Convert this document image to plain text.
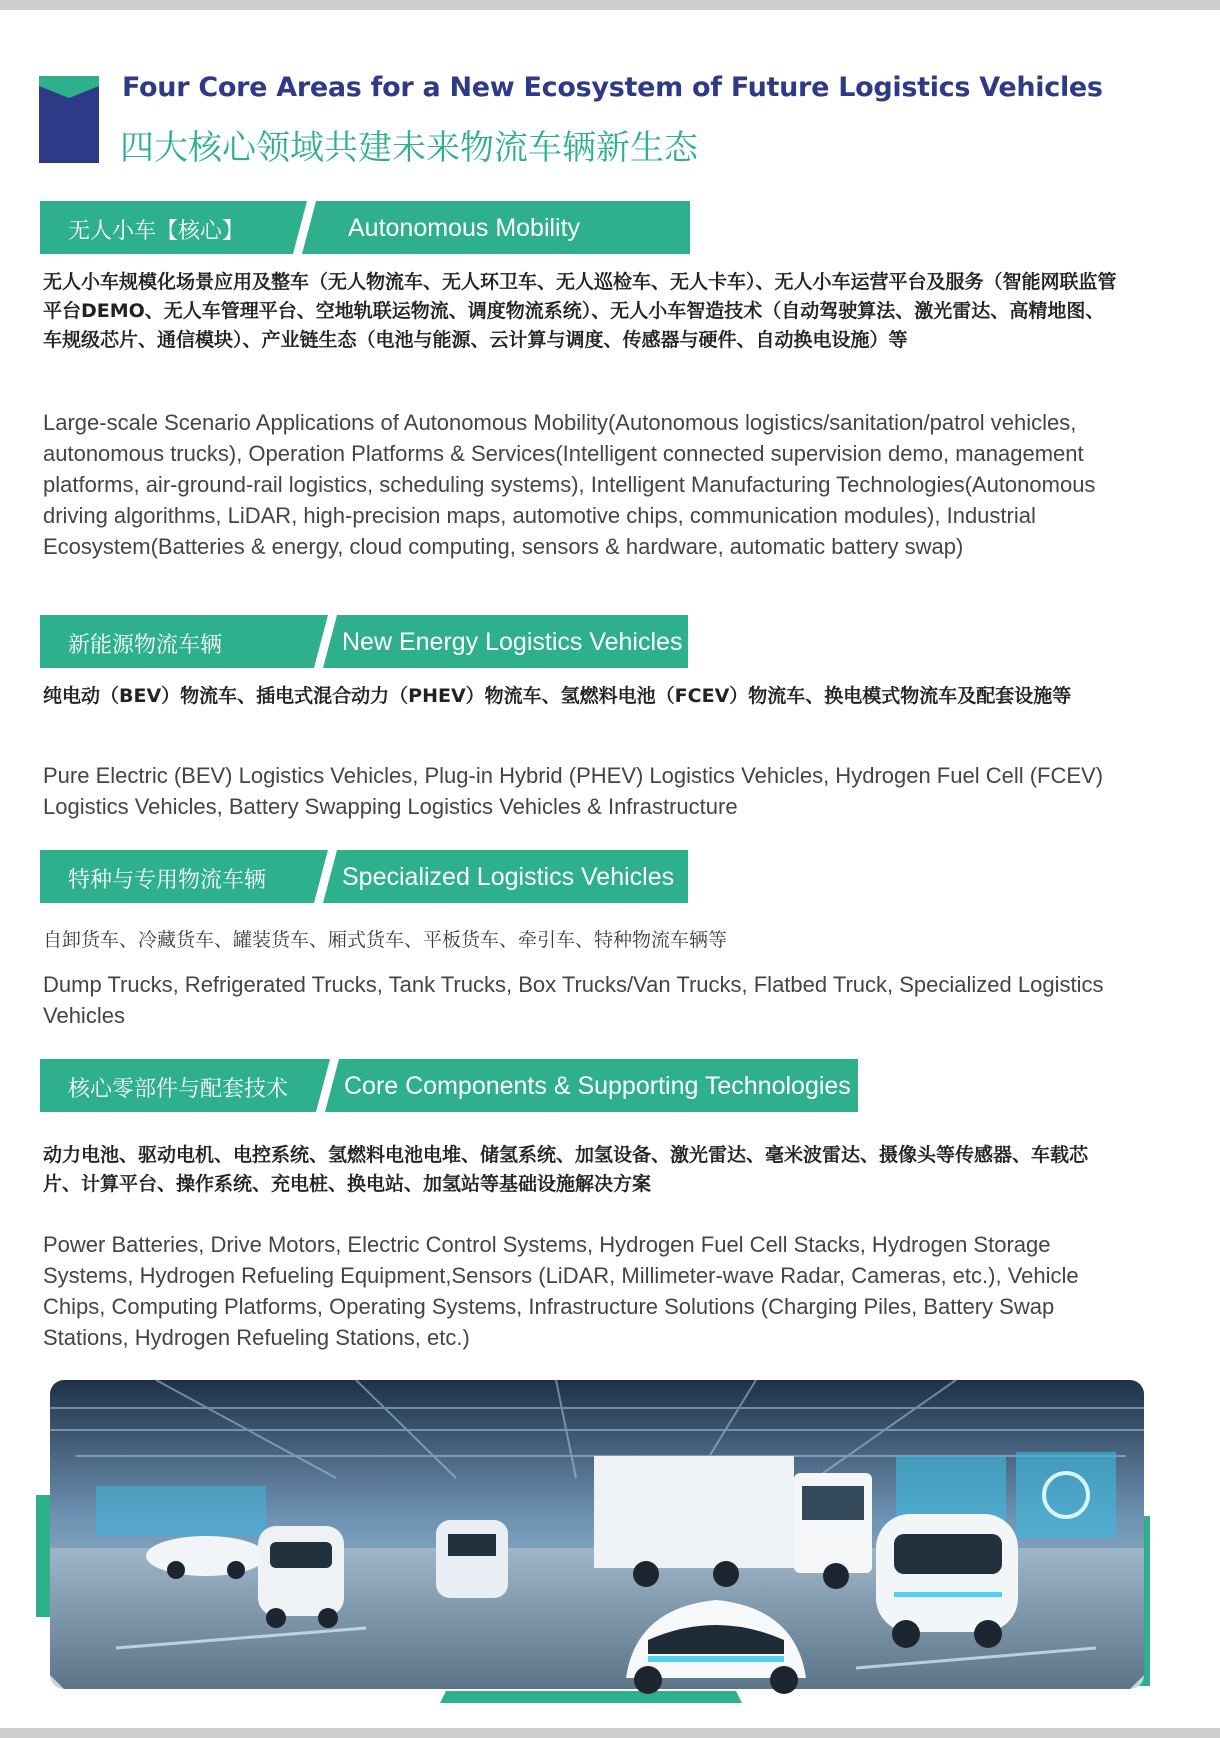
Four Core Areas for a New Ecosystem of Future Logistics Vehicles
四大核心领域共建未来物流车辆新生态
无人小车【核心】	Autonomous Mobility

无人小车规模化场景应用及整车（无人物流车、无人环卫车、无人巡检车、无人卡车）、无人小车运营平台及服务（智能网联监管平台DEMO、无人车管理平台、空地轨联运物流、调度物流系统）、无人小车智造技术（自动驾驶算法、激光雷达、高精地图、车规级芯片、通信模块）、产业链生态（电池与能源、云计算与调度、传感器与硬件、自动换电设施）等

Large-scale Scenario Applications of Autonomous Mobility(Autonomous logistics/sanitation/patrol vehicles, autonomous trucks), Operation Platforms & Services(Intelligent connected supervision demo, management platforms, air-ground-rail logistics, scheduling systems), Intelligent Manufacturing Technologies(Autonomous driving algorithms, LiDAR, high-precision maps, automotive chips, communication modules), Industrial Ecosystem(Batteries & energy, cloud computing, sensors & hardware, automatic battery swap)

新能源物流车辆	New Energy Logistics Vehicles

纯电动（BEV）物流车、插电式混合动力（PHEV）物流车、氢燃料电池（FCEV）物流车、换电模式物流车及配套设施等

Pure Electric (BEV) Logistics Vehicles, Plug-in Hybrid (PHEV) Logistics Vehicles, Hydrogen Fuel Cell (FCEV) Logistics Vehicles, Battery Swapping Logistics Vehicles & Infrastructure

特种与专用物流车辆	Specialized Logistics Vehicles

自卸货车、冷藏货车、罐装货车、厢式货车、平板货车、牵引车、特种物流车辆等

Dump Trucks, Refrigerated Trucks, Tank Trucks, Box Trucks/Van Trucks, Flatbed Truck, Specialized Logistics Vehicles

核心零部件与配套技术 Core Components & Supporting Technologies

动力电池、驱动电机、电控系统、氢燃料电池电堆、储氢系统、加氢设备、激光雷达、毫米波雷达、摄像头等传感器、车载芯片、计算平台、操作系统、充电桩、换电站、加氢站等基础设施解决方案

Power Batteries, Drive Motors, Electric Control Systems, Hydrogen Fuel Cell Stacks, Hydrogen Storage Systems, Hydrogen Refueling Equipment,Sensors (LiDAR, Millimeter-wave Radar, Cameras, etc.), Vehicle Chips, Computing Platforms, Operating Systems, Infrastructure Solutions (Charging Piles, Battery Swap Stations, Hydrogen Refueling Stations, etc.)
